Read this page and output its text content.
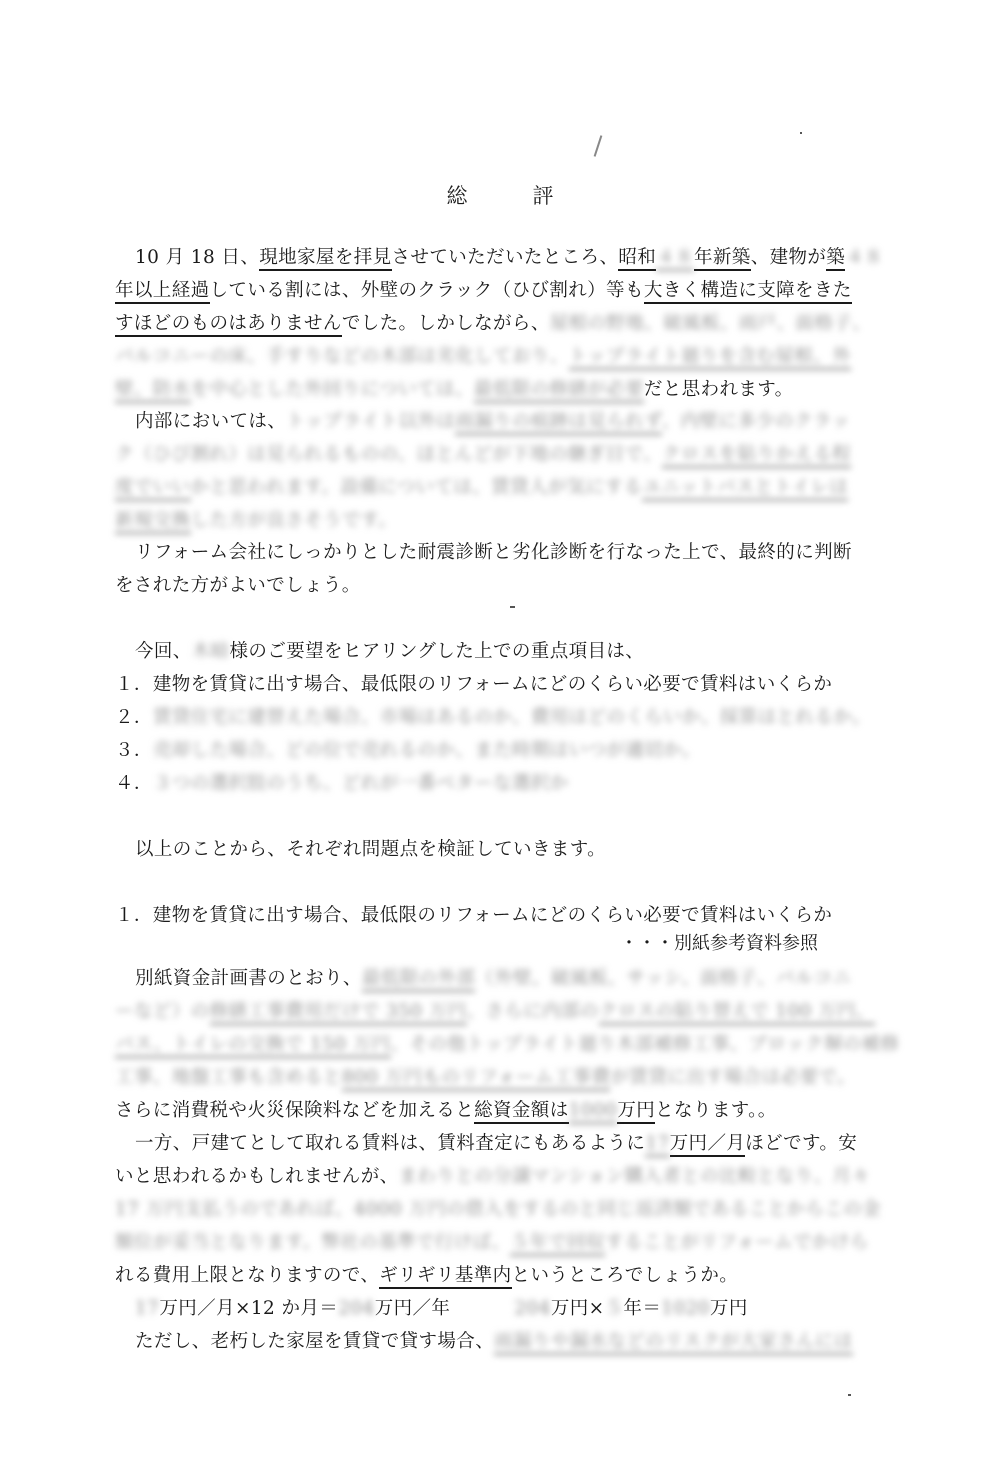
総　評
10 月 18 日、現地家屋を拝見させていただいたところ、昭和４８年新築、建物が築４８
年以上経過している割には、外壁のクラック（ひび割れ）等も大きく構造に支障をきた
すほどのものはありませんでした。しかしながら、屋根の野地、破風板、雨戸、面格子、
バルコニーの床、手すりなどの木部は劣化しており、トップライト廻りを含む屋根、外
壁、防水を中心とした外回りについては、最低限の修繕が必要だと思われます。
内部においては、トップライト以外は雨漏りの痕跡は見られず、内壁に多少のクラッ
ク（ひび割れ）は見られるものの、ほとんどが下地の継ぎ目で、クロスを貼りかえる程
度でいいかと思われます。設備については、賃貸人が気にするユニットバスとトイレは
新規交換した方が良さそうです。
リフォーム会社にしっかりとした耐震診断と劣化診断を行なった上で、最終的に判断
をされた方がよいでしょう。
今回、木暗様のご要望をヒアリングした上での重点項目は、
１．建物を賃貸に出す場合、最低限のリフォームにどのくらい必要で賃料はいくらか
２．賃貸住宅に建替えた場合、市場はあるのか、費用はどのくらいか、採算はとれるか。
３．売却した場合、どの位で売れるのか、また時期はいつが適切か。
４．３つの選択肢のうち、どれが一番ベターな選択か
以上のことから、それぞれ問題点を検証していきます。
１．建物を賃貸に出す場合、最低限のリフォームにどのくらい必要で賃料はいくらか
・・・別紙参考資料参照
別紙資金計画書のとおり、最低限の外部（外壁、破風板、サッシ、面格子、バルコニ
ーなど）の修繕工事費用だけで 350 万円、さらに内部のクロスの貼り替えで 100 万円、
バス、トイレの交換で 150 万円、その他トップライト廻り木部補修工事、ブロック塀の補修
工事、地盤工事も含めると800 万円ものリフォーム工事費が賃貸に出す場合は必要で。
さらに消費税や火災保険料などを加えると総資金額は1000万円となります。。
一方、戸建てとして取れる賃料は、賃料査定にもあるように17万円／月ほどです。安
いと思われるかもしれませんが、まわりとの分譲マンション購入者との比較となり、月々
17 万円支払うのであれば、4000 万円の借入をするのと同じ返済額であることからこの金
額位が妥当となります。弊社の基準で行けば、５年で回収することがリフォームでかけら
れる費用上限となりますので、ギリギリ基準内というところでしょうか。
17万円／月×12 か月＝204万円／年	204万円×５年＝1020万円
ただし、老朽した家屋を賃貸で貸す場合、雨漏りや漏水などのリスクが大家さんには
